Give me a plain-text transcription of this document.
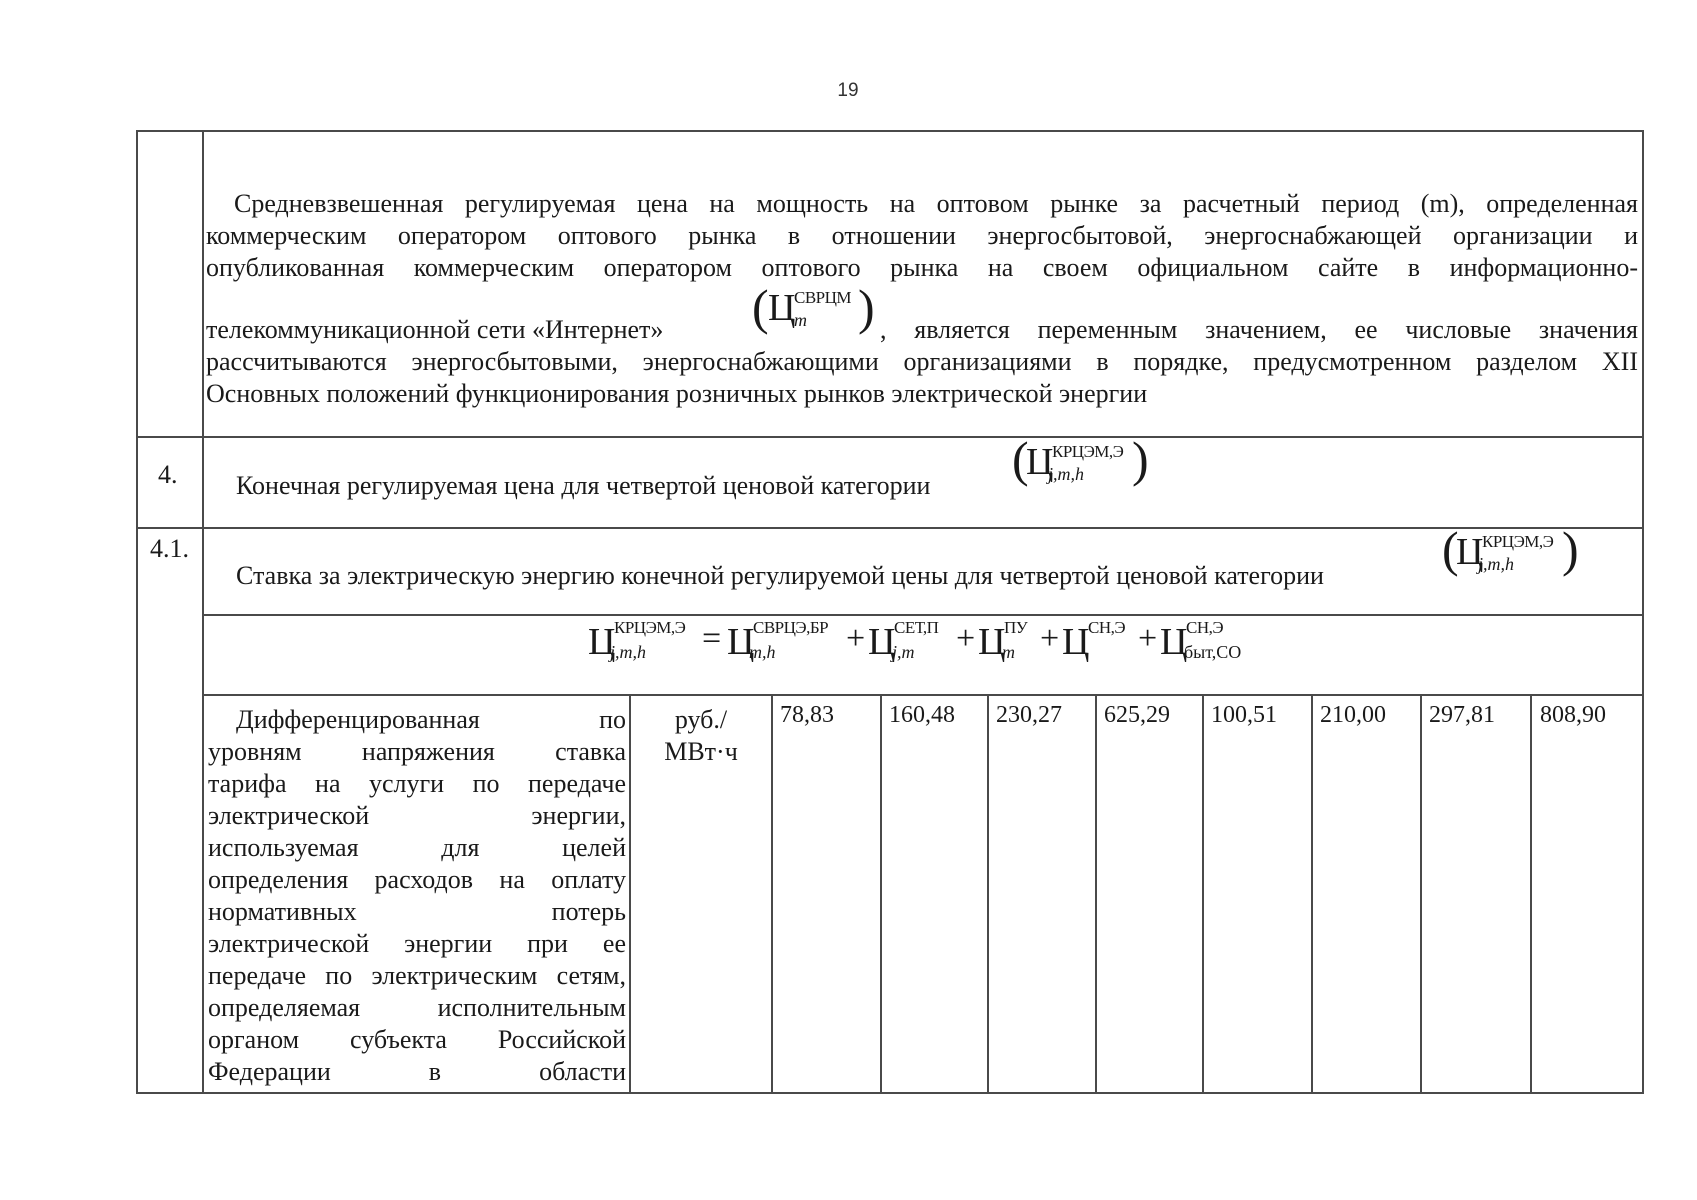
19
Средневзвешенная регулируемая цена на мощность на оптовом рынке за расчетный период (m), определенная
коммерческим оператором оптового рынка в отношении энергосбытовой, энергоснабжающей организации и
опубликованная коммерческим оператором оптового рынка на своем официальном сайте в информационно-
телекоммуникационной сети «Интернет» ( Ц
СВРЦМ
m ) , является переменным значением, ее числовые значения
рассчитываются энергосбытовыми, энергоснабжающими организациями в порядке, предусмотренном разделом XII
Основных положений функционирования розничных рынков электрической энергии
4. Конечная регулируемая цена для четвертой ценовой категории (
Ц
КРЦЭМ,Э
j,m,h )
4.1.
Ставка за электрическую энергию конечной регулируемой цены для четвертой ценовой категории (
Ц
КРЦЭМ,Э
j,m,h )
Ц
КРЦЭМ,Э
j,m,h = Ц
СВРЦЭ,БР
m,h + Ц
СЕТ,П
j,m + Ц
ПУ
m + Ц
СН,Э + Ц
СН,Э
быт,СО
Дифференцированная по
уровням напряжения ставка
тарифа на услуги по передаче
электрической энергии,
используемая для целей
определения расходов на оплату
нормативных потерь
электрической энергии при ее
передаче по электрическим сетям,
определяемая исполнительным
органом субъекта Российской
Федерации в области
руб./
МВт·ч
78,83 160,48 230,27 625,29 100,51 210,00 297,81 808,90
